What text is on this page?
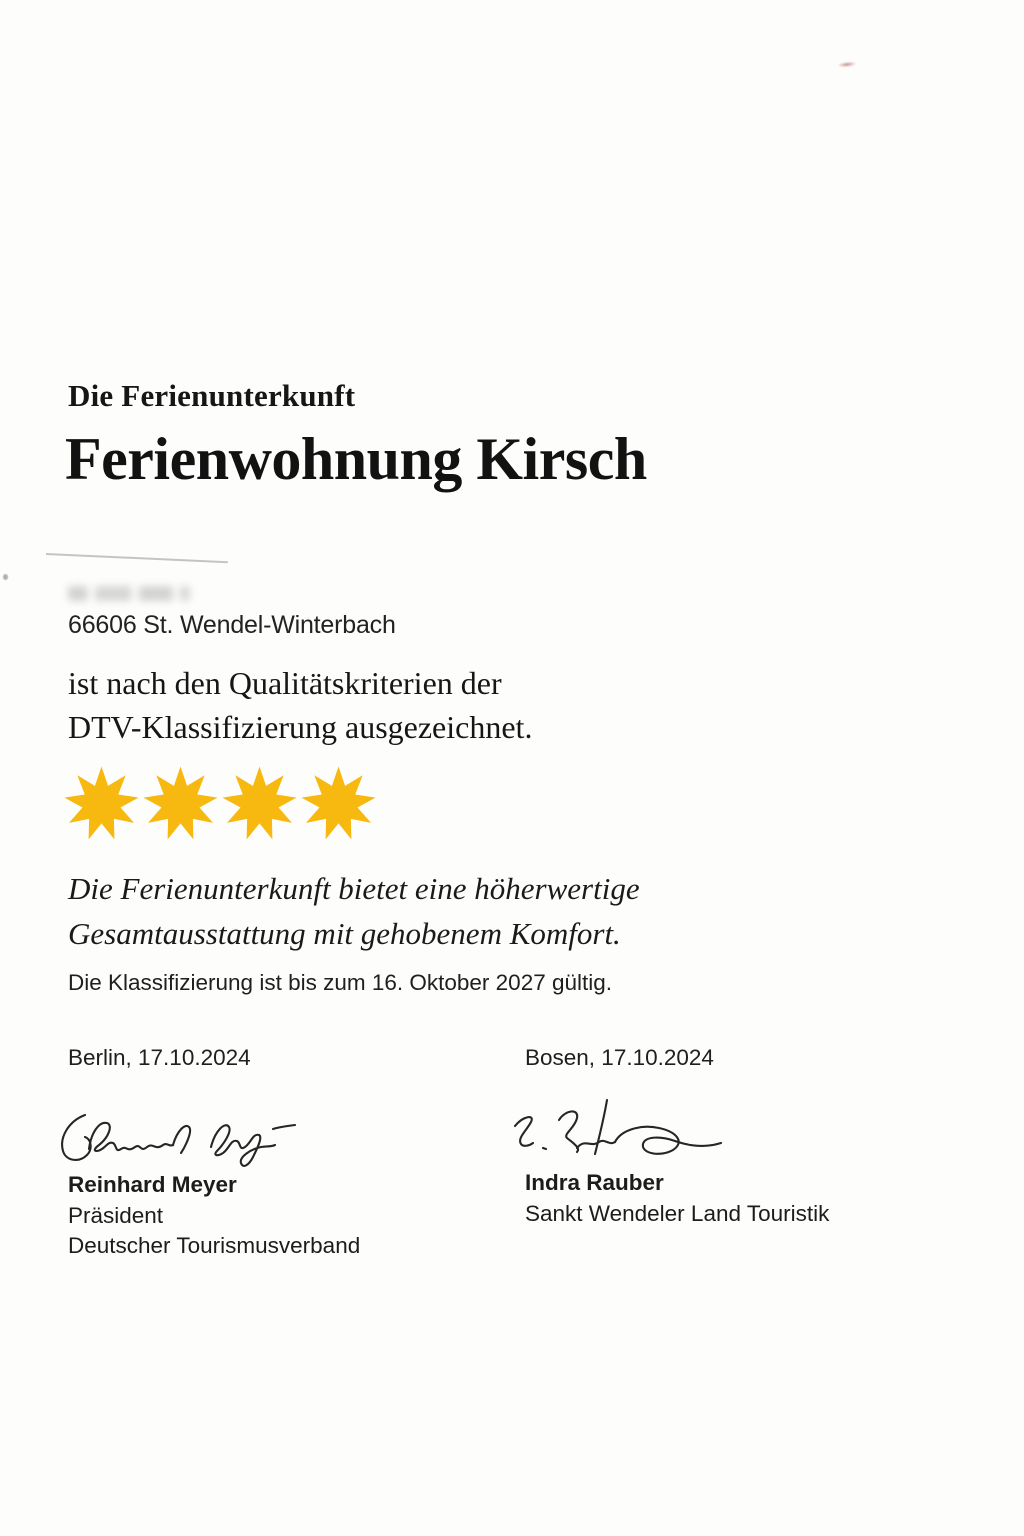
Die Ferienunterkunft
Ferienwohnung Kirsch
66606 St. Wendel-Winterbach
ist nach den Qualitätskriterien der
DTV-Klassifizierung ausgezeichnet.
Die Ferienunterkunft bietet eine höherwertige
Gesamtausstattung mit gehobenem Komfort.
Die Klassifizierung ist bis zum 16. Oktober 2027 gültig.
Berlin, 17.10.2024	Bosen, 17.10.2024
Reinhard Meyer
Präsident
Deutscher Tourismusverband
Indra Rauber
Sankt Wendeler Land Touristik
